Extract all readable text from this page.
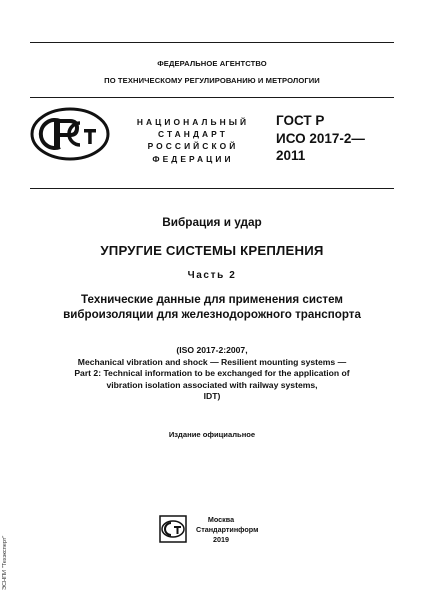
ФЕДЕРАЛЬНОЕ АГЕНТСТВО
ПО ТЕХНИЧЕСКОМУ РЕГУЛИРОВАНИЮ И МЕТРОЛОГИИ
НАЦИОНАЛЬНЫЙ
СТАНДАРТ
РОССИЙСКОЙ
ФЕДЕРАЦИИ
ГОСТ Р
ИСО 2017-2—
2011
Вибрация и удар
УПРУГИЕ СИСТЕМЫ КРЕПЛЕНИЯ
Часть 2
Технические данные для применения систем
виброизоляции для железнодорожного транспорта
(ISO 2017-2:2007,
Mechanical vibration and shock — Resilient mounting systems —
Part 2: Technical information to be exchanged for the application of
vibration isolation associated with railway systems,
IDT)
Издание официальное
Москва
Стандартинформ
2019
ЭСНПИ "Техэксперт"
